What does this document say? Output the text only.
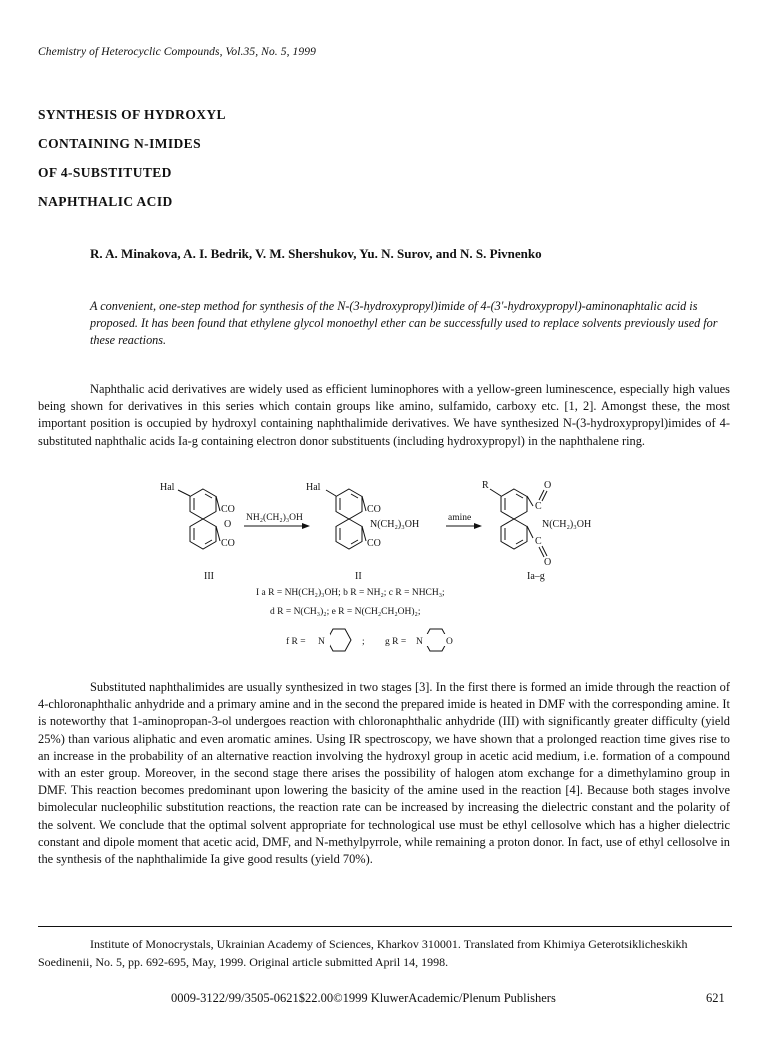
Chemistry of Heterocyclic Compounds, Vol.35, No. 5, 1999
SYNTHESIS OF HYDROXYL
CONTAINING N-IMIDES
OF 4-SUBSTITUTED
NAPHTHALIC ACID
R. A. Minakova, A. I. Bedrik, V. M. Shershukov, Yu. N. Surov, and N. S. Pivnenko
A convenient, one-step method for synthesis of the N-(3-hydroxypropyl)imide of 4-(3'-hydroxypropyl)-aminonaphtalic acid is proposed. It has been found that ethylene glycol monoethyl ether can be successfully used to replace solvents previously used for these reactions.
Naphthalic acid derivatives are widely used as efficient luminophores with a yellow-green luminescence, especially high values being shown for derivatives in this series which contain groups like amino, sulfamido, carboxy etc. [1, 2]. Amongst these, the most important position is occupied by hydroxyl containing naphthalimide derivatives. We have synthesized N-(3-hydroxypropyl)imides of 4-substituted naphthalic acids Ia-g containing electron donor substituents (including hydroxypropyl) in the naphthalene ring.
Hal
CO
O
CO
III
NH₂(CH₂)₃OH
Hal
CO
N(CH₂)₃OH
CO
II
amine
R
C
O
N(CH₂)₃OH
C
O
Ia–g
I a R = NH(CH₂)₃OH; b R = NH₂; c R = NHCH₃;
d R = N(CH₃)₂; e R = N(CH₂CH₂OH)₂;
f R = N	; g R = N O
Substituted naphthalimides are usually synthesized in two stages [3]. In the first there is formed an imide through the reaction of 4-chloronaphthalic anhydride and a primary amine and in the second the prepared imide is heated in DMF with the corresponding amine. It is noteworthy that 1-aminopropan-3-ol undergoes reaction with chloronaphthalic anhydride (III) with significantly greater difficulty (yield 25%) than various aliphatic and even aromatic amines. Using IR spectroscopy, we have shown that a prolonged reaction time gives rise to an increase in the probability of an alternative reaction involving the hydroxyl group in acetic acid medium, i.e. formation of a compound with an ester group. Moreover, in the second stage there arises the possibility of halogen atom exchange for a dimethylamino group in DMF. This reaction becomes predominant upon lowering the basicity of the amine used in the reaction [4]. Because both stages involve bimolecular nucleophilic substitution reactions, the reaction rate can be increased by increasing the dielectric constant and the polarity of the solvent. We conclude that the optimal solvent appropriate for technological use must be ethyl cellosolve which has a higher dielectric constant and dipole moment that acetic acid, DMF, and N-methylpyrrole, while remaining a proton donor. In fact, use of ethyl cellosolve in the synthesis of the naphthalimide Ia give good results (yield 70%).
Institute of Monocrystals, Ukrainian Academy of Sciences, Kharkov 310001. Translated from Khimiya Geterotsiklicheskikh Soedinenii, No. 5, pp. 692-695, May, 1999. Original article submitted April 14, 1998.
0009-3122/99/3505-0621$22.00©1999 KluwerAcademic/Plenum Publishers	621
